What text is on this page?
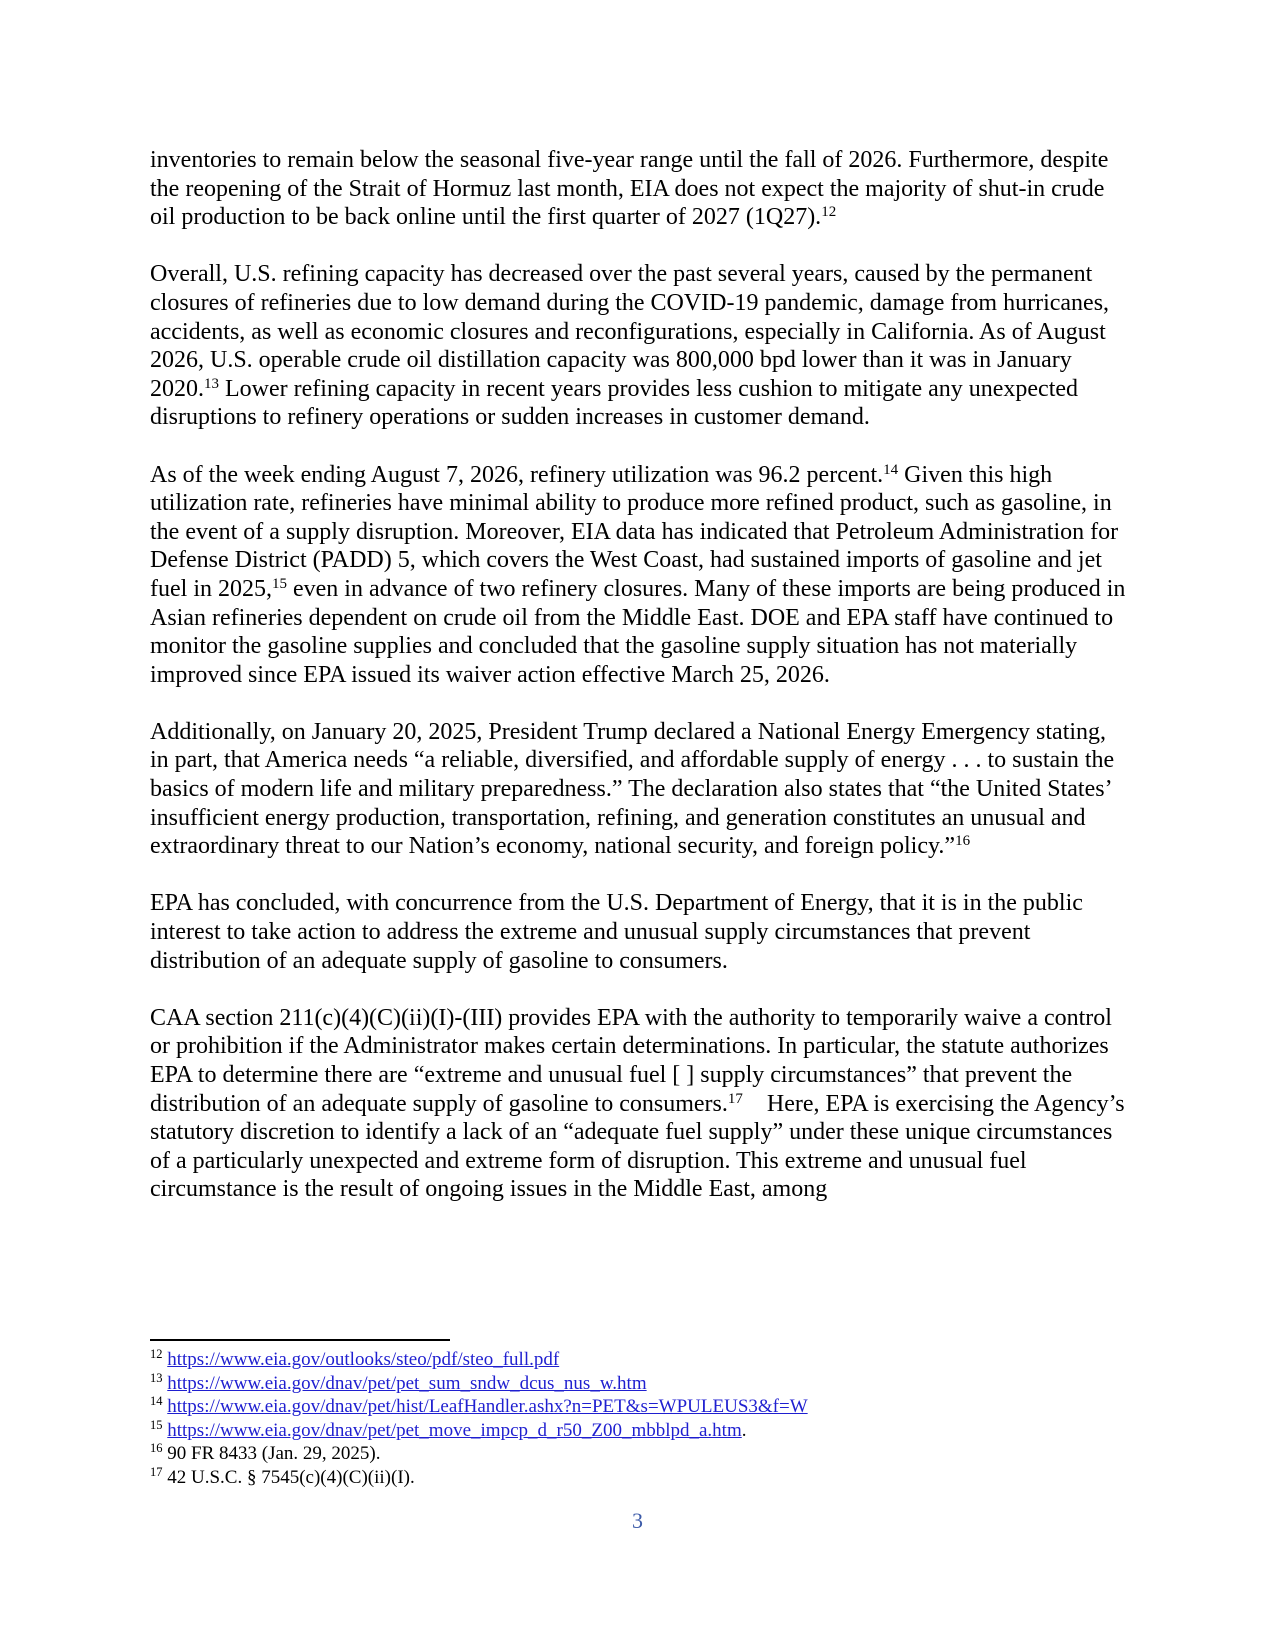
inventories to remain below the seasonal five-year range until the fall of 2026. Furthermore, despite the reopening of the Strait of Hormuz last month, EIA does not expect the majority of shut-in crude oil production to be back online until the first quarter of 2027 (1Q27).$^{12}$

Overall, U.S. refining capacity has decreased over the past several years, caused by the permanent closures of refineries due to low demand during the COVID-19 pandemic, damage from hurricanes, accidents, as well as economic closures and reconfigurations, especially in California. As of August 2026, U.S. operable crude oil distillation capacity was 800,000 bpd lower than it was in January 2020.13 Lower refining capacity in recent years provides less cushion to mitigate any unexpected disruptions to refinery operations or sudden increases in customer demand.

As of the week ending August 7, 2026, refinery utilization was 96.2 percent.$^{14}$ Given this high utilization rate, refineries have minimal ability to produce more refined product, such as gasoline, in the event of a supply disruption. Moreover, EIA data has indicated that Petroleum Administration for Defense District (PADD) 5, which covers the West Coast, had sustained imports of gasoline and jet fuel in 2025,15 even in advance of two refinery closures. Many of these imports are being produced in Asian refineries dependent on crude oil from the Middle East. DOE and EPA staff have continued to monitor the gasoline supplies and concluded that the gasoline supply situation has not materially improved since EPA issued its waiver action effective March 25, 2026.

Additionally, on January 20, 2025, President Trump declared a National Energy Emergency stating, in part, that America needs “a reliable, diversified, and affordable supply of energy . . . to sustain the basics of modern life and military preparedness.” The declaration also states that “the United States’ insufficient energy production, transportation, refining, and generation constitutes an unusual and extraordinary threat to our Nation’s economy, national security, and foreign policy.”$^{16}$

EPA has concluded, with concurrence from the U.S. Department of Energy, that it is in the public interest to take action to address the extreme and unusual supply circumstances that prevent distribution of an adequate supply of gasoline to consumers.

CAA section 211(c)(4)(C)(ii)(I)-(III) provides EPA with the authority to temporarily waive a control or prohibition if the Administrator makes certain determinations. In particular, the statute authorizes EPA to determine there are “extreme and unusual fuel [ ] supply circumstances” that prevent the distribution of an adequate supply of gasoline to consumers.$^{17}$    Here, EPA is exercising the Agency’s statutory discretion to identify a lack of an “adequate fuel supply” under these unique circumstances of a particularly unexpected and extreme form of disruption. This extreme and unusual fuel circumstance is the result of ongoing issues in the Middle East, among

$^{12}$ https://www.eia.gov/outlooks/steo/pdf/steo_full.pdf
$^{13}$ https://www.eia.gov/dnav/pet/pet_sum_sndw_dcus_nus_w.htm
$^{14}$ https://www.eia.gov/dnav/pet/hist/LeafHandler.ashx?n=PET&s=WPULEUS3&f=W
$^{15}$ https://www.eia.gov/dnav/pet/pet_move_impcp_d_r50_Z00_mbblpd_a.htm.
$^{16}$ 90 FR 8433 (Jan. 29, 2025).
$^{17}$ 42 U.S.C. § 7545(c)(4)(C)(ii)(I).
3
